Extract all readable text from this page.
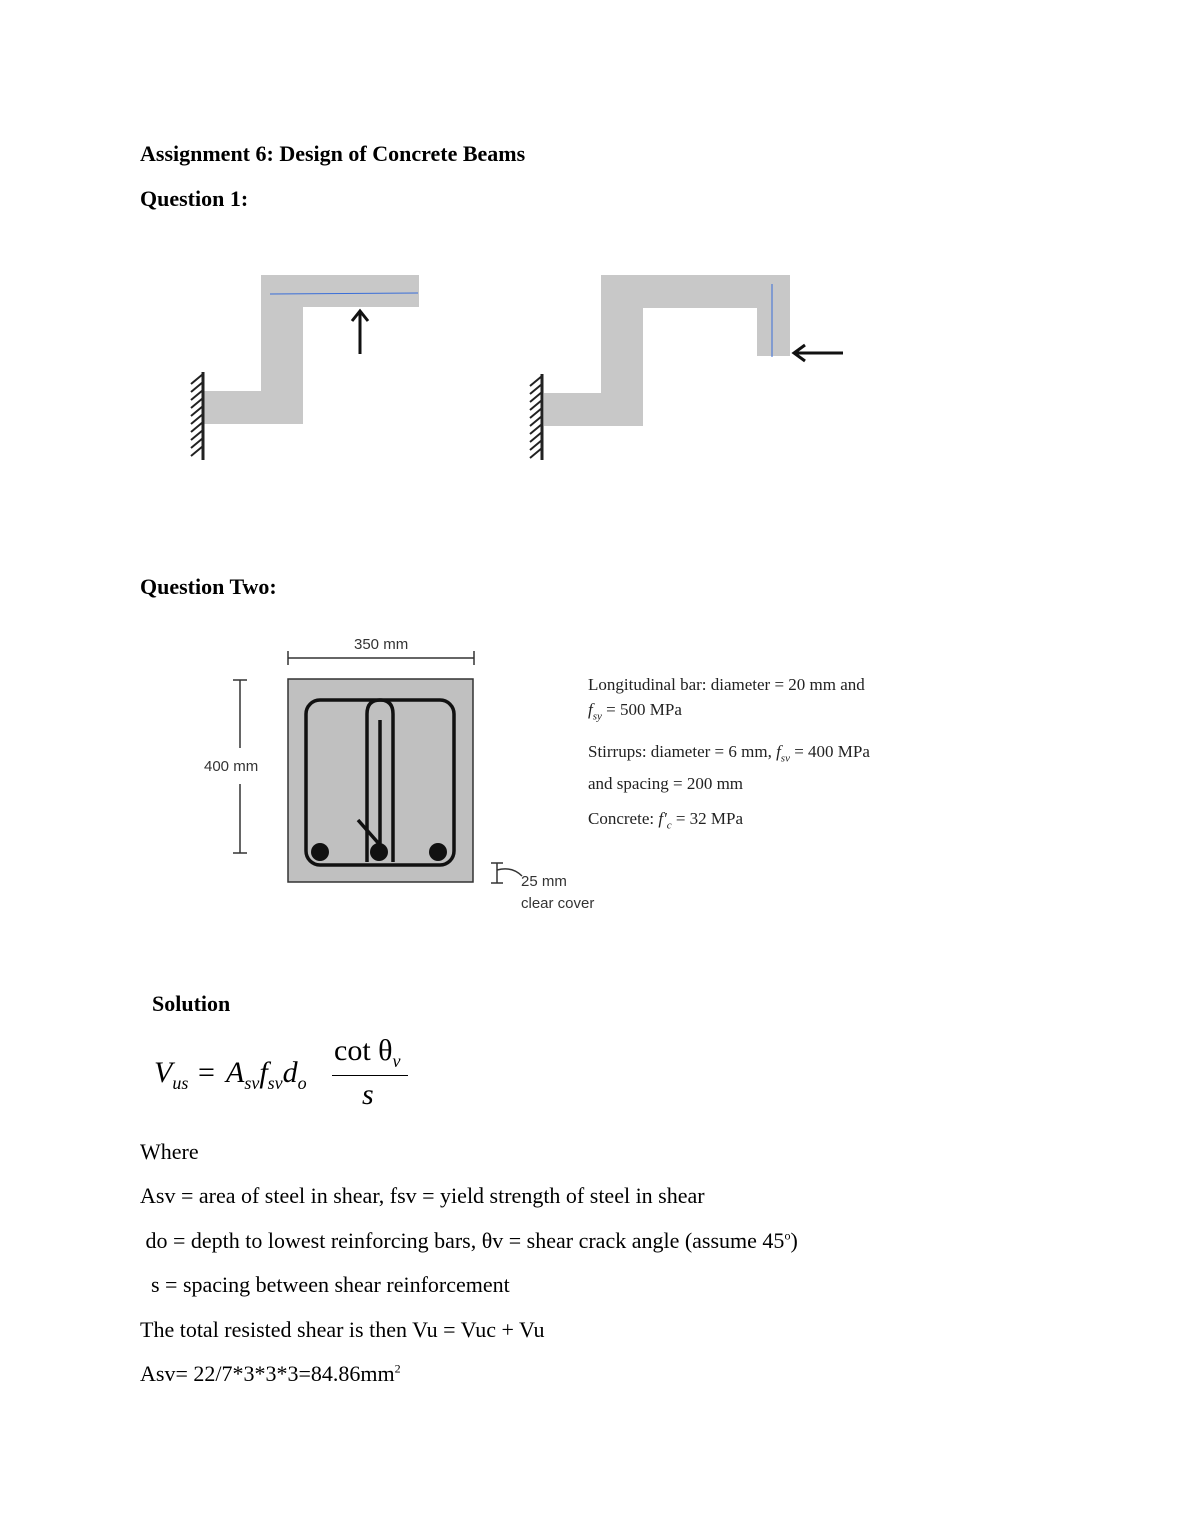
Assignment 6: Design of Concrete Beams
Question 1:
Question Two:
350 mm
400 mm
25 mm
clear cover
Longitudinal bar: diameter = 20 mm and
$f_{sy} = 500$ MPa
Stirrups: diameter = 6 mm, $f_{sv} = 400$ MPa
and spacing = 200 mm
Concrete: $f'_c = 32$ MPa
Solution
$V_{us} = A_{sv}f_{sv}d_o$
$\cot \theta_v$
s
Where
Asv = area of steel in shear, fsv = yield strength of steel in shear
do = depth to lowest reinforcing bars, θv = shear crack angle (assume 45$^o$)
s = spacing between shear reinforcement
The total resisted shear is then Vu = Vuc + Vu
$Asv= 22/7*3*3*3=84.86mm^2$
